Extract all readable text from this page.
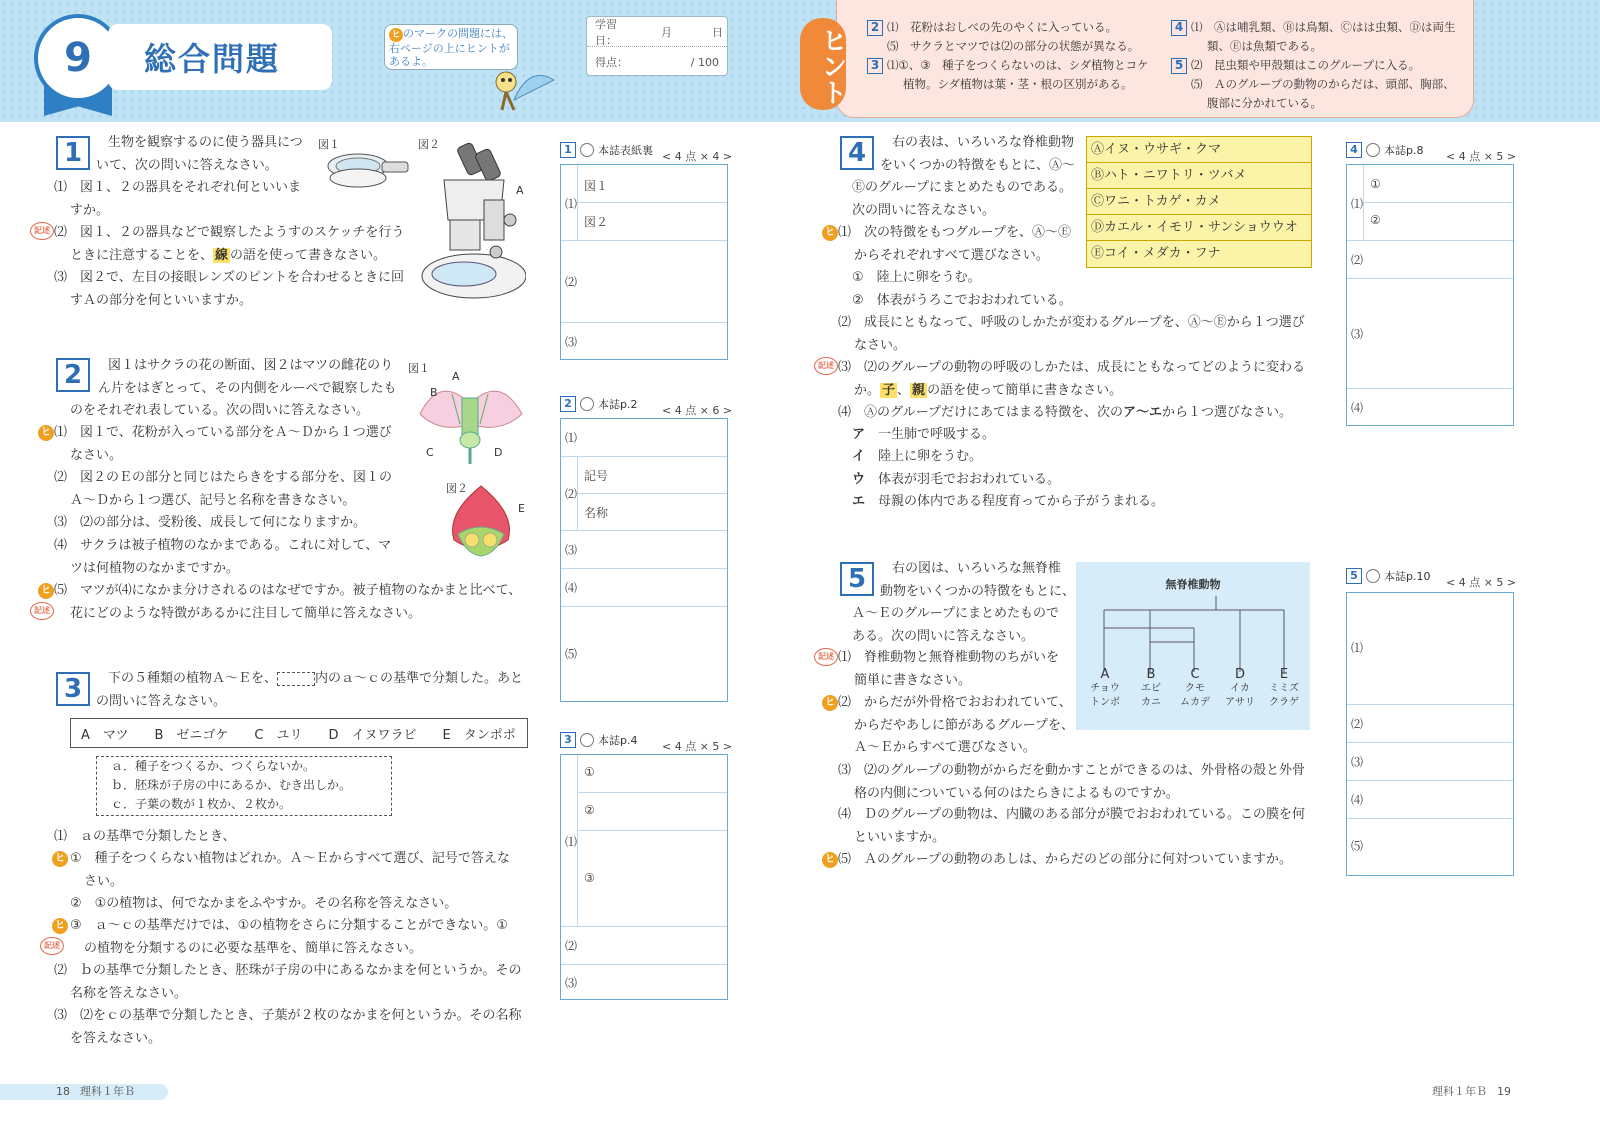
9	総合問題
ヒ のマークの問題には、右ページの上にヒントがあるよ。
学習日：
月	日
得点：	/ 100
2 ⑴　花粉はおしべの先のやくに入っている。
⑸　サクラとマツでは⑵の部分の状態が異なる。
3 ⑴①、③　種子をつくらないのは、シダ植物とコケ
植物。シダ植物は葉・茎・根の区別がある。
4 ⑴　Ⓐは哺乳類、Ⓑは鳥類、Ⓒはは虫類、Ⓓは両生
類、Ⓔは魚類である。
5 ⑵　昆虫類や甲殻類はこのグループに入る。
⑸　Ａのグループの動物のからだは、頭部、胸部、
腹部に分かれている。
ヒント
1	生物を観察するのに使う器具につ
いて、次の問いに答えなさい。
⑴　図１、２の器具をそれぞれ何といいま
すか。
記述 ⑵　図１、２の器具などで観察したようすのスケッチを行う
ときに注意することを、 線 の語を使って書きなさい。
⑶　図２で、左目の接眼レンズのピントを合わせるときに回
すＡの部分を何といいますか。
図１	図２
A
2	図１はサクラの花の断面、図２はマツの雌花のり
ん片をはぎとって、その内側をルーペで観察したも
のをそれぞれ表している。次の問いに答えなさい。
ヒ ⑴　図１で、花粉が入っている部分をＡ～Ｄから１つ選び
なさい。
⑵　図２のＥの部分と同じはたらきをする部分を、図１の
Ａ～Ｄから１つ選び、記号と名称を書きなさい。
⑶　⑵の部分は、受粉後、成長して何になりますか。
⑷　サクラは被子植物のなかまである。これに対して、マ
ツは何植物のなかまですか。
ヒ
記述
⑸　マツが⑷になかま分けされるのはなぜですか。被子植物のなかまと比べて、
花にどのような特徴があるかに注目して簡単に答えなさい。
図１
A
B
C	D
図２
E
3	下の５種類の植物Ａ～Ｅを、	内のａ～ｃの基準で分類した。あと
の問いに答えなさい。
A　マツ　　B　ゼニゴケ　　C　ユリ　　D　イヌワラビ　　E　タンポポ
ａ．種子をつくるか、つくらないか。
ｂ．胚珠が子房の中にあるか、むき出しか。
ｃ．子葉の数が１枚か、２枚か。
⑴　ａの基準で分類したとき、
ヒ ①　種子をつくらない植物はどれか。Ａ～Ｅからすべて選び、記号で答えな
さい。
②　①の植物は、何でなかまをふやすか。その名称を答えなさい。
ヒ
記述
③　ａ～ｃの基準だけでは、①の植物をさらに分類することができない。①
の植物を分類するのに必要な基準を、簡単に答えなさい。
⑵　ｂの基準で分類したとき、胚珠が子房の中にあるなかまを何というか。その
名称を答えなさい。
⑶　⑵をｃの基準で分類したとき、子葉が２枚のなかまを何というか。その名称
を答えなさい。
1	本誌表紙裏 < 4 点 × 4 >
⑴
図１
図２
⑵
⑶
2	本誌p.2 < 4 点 × 6 >
⑴
⑵
記号
名称
⑶
⑷
⑸
3	本誌p.4 < 4 点 × 5 >
⑴
①
②
③
⑵
⑶
4	右の表は、いろいろな脊椎動物
をいくつかの特徴をもとに、Ⓐ～
Ⓔのグループにまとめたものである。
次の問いに答えなさい。
Ⓐイヌ・ウサギ・クマ
Ⓑハト・ニワトリ・ツバメ
Ⓒワニ・トカゲ・カメ
Ⓓカエル・イモリ・サンショウウオ
Ⓔコイ・メダカ・フナ
ヒ ⑴　次の特徴をもつグループを、Ⓐ～Ⓔ
からそれぞれすべて選びなさい。
①　陸上に卵をうむ。
②　体表がうろこでおおわれている。
⑵　成長にともなって、呼吸のしかたが変わるグループを、Ⓐ～Ⓔから１つ選び
なさい。
記述 ⑶　⑵のグループの動物の呼吸のしかたは、成長にともなってどのように変わる
か。 子 、 親 の語を使って簡単に書きなさい。
⑷　Ⓐのグループだけにあてはまる特徴を、次のア～エから１つ選びなさい。
ア 一生肺で呼吸する。
イ 陸上に卵をうむ。
ウ 体表が羽毛でおおわれている。
エ 母親の体内である程度育ってから子がうまれる。
5	右の図は、いろいろな無脊椎
動物をいくつかの特徴をもとに、
Ａ～Ｅのグループにまとめたもので
ある。次の問いに答えなさい。
無脊椎動物
A
チョウ
トンボ
B
エビ
カニ
C
クモ
ムカデ
D
イカ
アサリ
E
ミミズ
クラゲ
記述 ⑴　脊椎動物と無脊椎動物のちがいを
簡単に書きなさい。
ヒ ⑵　からだが外骨格でおおわれていて、
からだやあしに節があるグループを、
Ａ～Ｅからすべて選びなさい。
⑶　⑵のグループの動物がからだを動かすことができるのは、外骨格の殻と外骨
格の内側についている何のはたらきによるものですか。
⑷　Ｄのグループの動物は、内臓のある部分が膜でおおわれている。この膜を何
といいますか。
ヒ ⑸　Ａのグループの動物のあしは、からだのどの部分に何対ついていますか。
4	本誌p.8 < 4 点 × 5 >
⑴
①
②
⑵
⑶
⑷
5	本誌p.10 < 4 点 × 5 >
⑴
⑵
⑶
⑷
⑸
18 理科１年Ｂ	理科１年Ｂ 19
